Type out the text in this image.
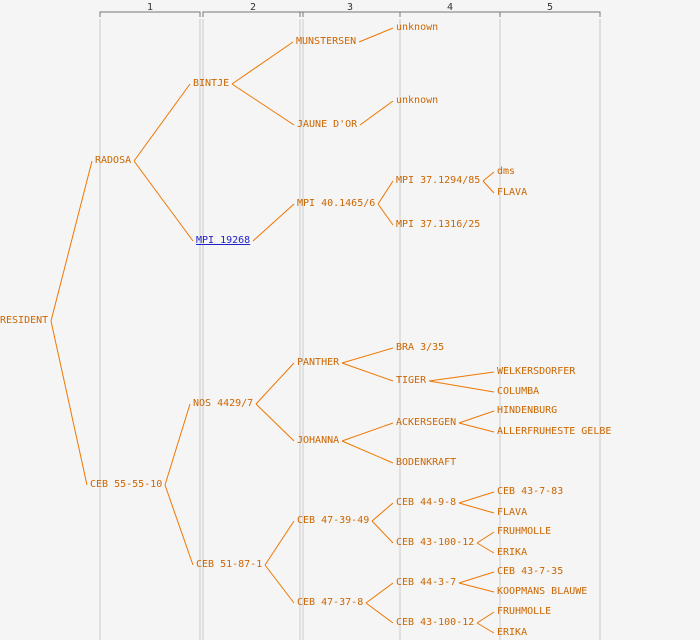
1	2	3	4	5
RESIDENT
RADOSA
CEB 55-55-10
BINTJE
MPI 19268
NOS 4429/7
CEB 51-87-1
MUNSTERSEN
JAUNE D'OR
MPI 40.1465/6
PANTHER
JOHANNA
CEB 47-39-49
CEB 47-37-8
unknown
unknown
MPI 37.1294/85
MPI 37.1316/25
BRA 3/35
TIGER
ACKERSEGEN
BODENKRAFT
CEB 44-9-8
CEB 43-100-12
CEB 44-3-7
CEB 43-100-12
dms
FLAVA
WELKERSDORFER
COLUMBA
HINDENBURG
ALLERFRUHESTE GELBE
CEB 43-7-83
FLAVA
FRUHMOLLE
ERIKA
CEB 43-7-35
KOOPMANS BLAUWE
FRUHMOLLE
ERIKA
